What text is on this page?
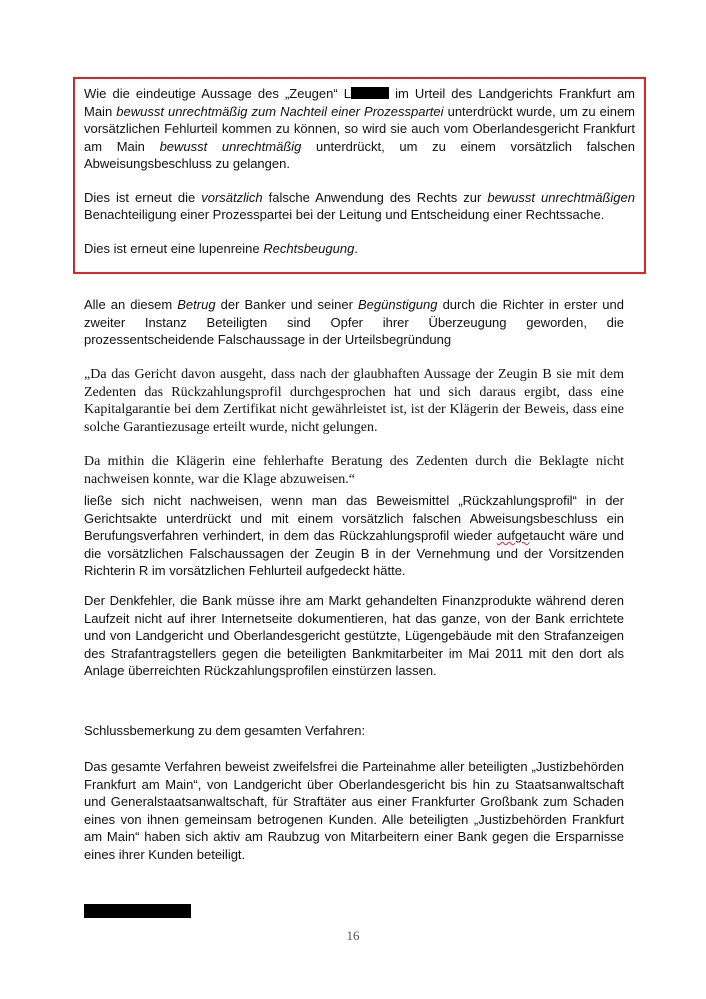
Wie die eindeutige Aussage des „Zeugen“ L	im Urteil des Landgerichts Frankfurt am Main bewusst unrechtmäßig zum Nachteil einer Prozesspartei unterdrückt wurde, um zu einem vorsätzlichen Fehlurteil kommen zu können, so wird sie auch vom Oberlandesgericht Frankfurt am Main bewusst unrechtmäßig unterdrückt, um zu einem vorsätzlich falschen Abweisungsbeschluss zu gelangen.

Dies ist erneut die vorsätzlich falsche Anwendung des Rechts zur bewusst unrechtmäßigen Benachteiligung einer Prozesspartei bei der Leitung und Entscheidung einer Rechtssache.

Dies ist erneut eine lupenreine Rechtsbeugung.

Alle an diesem Betrug der Banker und seiner Begünstigung durch die Richter in erster und zweiter Instanz Beteiligten sind Opfer ihrer Überzeugung geworden, die prozessentscheidende Falschaussage in der Urteilsbegründung

„Da das Gericht davon ausgeht, dass nach der glaubhaften Aussage der Zeugin B sie mit dem Zedenten das Rückzahlungsprofil durchgesprochen hat und sich daraus ergibt, dass eine Kapitalgarantie bei dem Zertifikat nicht gewährleistet ist, ist der Klägerin der Beweis, dass eine solche Garantiezusage erteilt wurde, nicht gelungen.

Da mithin die Klägerin eine fehlerhafte Beratung des Zedenten durch die Beklagte nicht nachweisen konnte, war die Klage abzuweisen.“

ließe sich nicht nachweisen, wenn man das Beweismittel „Rückzahlungsprofil“ in der Gerichtsakte unterdrückt und mit einem vorsätzlich falschen Abweisungsbeschluss ein Berufungsverfahren verhindert, in dem das Rückzahlungsprofil wieder aufgetaucht wäre und die vorsätzlichen Falschaussagen der Zeugin B in der Vernehmung und der Vorsitzenden Richterin R im vorsätzlichen Fehlurteil aufgedeckt hätte.

Der Denkfehler, die Bank müsse ihre am Markt gehandelten Finanzprodukte während deren Laufzeit nicht auf ihrer Internetseite dokumentieren, hat das ganze, von der Bank errichtete und von Landgericht und Oberlandesgericht gestützte, Lügengebäude mit den Strafanzeigen des Strafantragstellers gegen die beteiligten Bankmitarbeiter im Mai 2011 mit den dort als Anlage überreichten Rückzahlungsprofilen einstürzen lassen.

Schlussbemerkung zu dem gesamten Verfahren:

Das gesamte Verfahren beweist zweifelsfrei die Parteinahme aller beteiligten „Justizbehörden Frankfurt am Main“, von Landgericht über Oberlandesgericht bis hin zu Staatsanwaltschaft und Generalstaatsanwaltschaft, für Straftäter aus einer Frankfurter Großbank zum Schaden eines von ihnen gemeinsam betrogenen Kunden. Alle beteiligten „Justizbehörden Frankfurt am Main“ haben sich aktiv am Raubzug von Mitarbeitern einer Bank gegen die Ersparnisse eines ihrer Kunden beteiligt.

16
